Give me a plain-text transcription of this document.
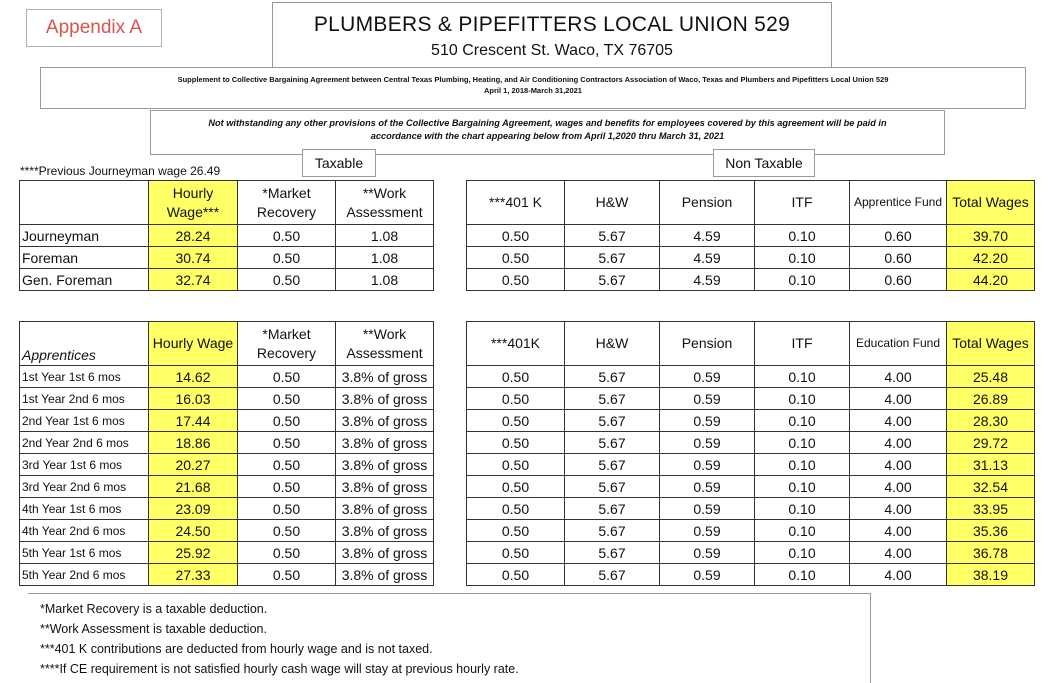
Appendix A	PLUMBERS & PIPEFITTERS LOCAL UNION 529
510 Crescent St. Waco, TX 76705
Supplement to Collective Bargaining Agreement between Central Texas Plumbing, Heating, and Air Conditioning Contractors Association of Waco, Texas and Plumbers and Pipefitters Local Union 529
April 1, 2018-March 31,2021
Not withstanding any other provisions of the Collective Bargaining Agreement, wages and benefits for employees covered by this agreement will be paid in
accordance with the chart appearing below from April 1,2020 thru March 31, 2021
Taxable	Non Taxable
****Previous Journeyman wage 26.49
	Hourly Wage***	*Market Recovery	**Work Assessment
Journeyman	28.24	0.50	1.08
Foreman	30.74	0.50	1.08
Gen. Foreman	32.74	0.50	1.08
***401 K	H&W	Pension	ITF	Apprentice Fund	Total Wages
0.50	5.67	4.59	0.10	0.60	39.70
0.50	5.67	4.59	0.10	0.60	42.20
0.50	5.67	4.59	0.10	0.60	44.20
Apprentices	Hourly Wage	*Market Recovery	**Work Assessment
1st Year 1st 6 mos	14.62	0.50	3.8% of gross
1st Year 2nd 6 mos	16.03	0.50	3.8% of gross
2nd Year 1st 6 mos	17.44	0.50	3.8% of gross
2nd Year 2nd 6 mos	18.86	0.50	3.8% of gross
3rd Year 1st 6 mos	20.27	0.50	3.8% of gross
3rd Year 2nd 6 mos	21.68	0.50	3.8% of gross
4th Year 1st 6 mos	23.09	0.50	3.8% of gross
4th Year 2nd 6 mos	24.50	0.50	3.8% of gross
5th Year 1st 6 mos	25.92	0.50	3.8% of gross
5th Year 2nd 6 mos	27.33	0.50	3.8% of gross
***401K	H&W	Pension	ITF	Education Fund	Total Wages
0.50	5.67	0.59	0.10	4.00	25.48
0.50	5.67	0.59	0.10	4.00	26.89
0.50	5.67	0.59	0.10	4.00	28.30
0.50	5.67	0.59	0.10	4.00	29.72
0.50	5.67	0.59	0.10	4.00	31.13
0.50	5.67	0.59	0.10	4.00	32.54
0.50	5.67	0.59	0.10	4.00	33.95
0.50	5.67	0.59	0.10	4.00	35.36
0.50	5.67	0.59	0.10	4.00	36.78
0.50	5.67	0.59	0.10	4.00	38.19
*Market Recovery is a taxable deduction.
**Work Assessment is taxable deduction.
***401 K contributions are deducted from hourly wage and is not taxed.
****If CE requirement is not satisfied hourly cash wage will stay at previous hourly rate.
